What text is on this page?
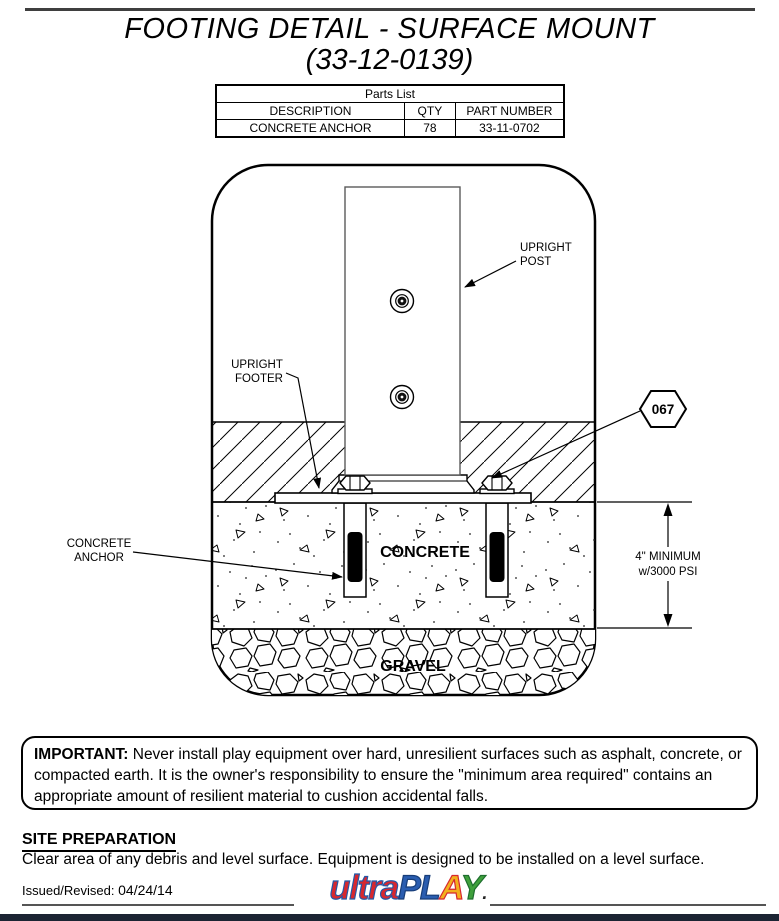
FOOTING DETAIL - SURFACE MOUNT
(33-12-0139)
Parts List		
DESCRIPTION	QTY	PART NUMBER
CONCRETE ANCHOR	78	33-11-0702
067
4" MINIMUM
w/3000 PSI
UPRIGHT
POST
UPRIGHT
FOOTER
CONCRETE
ANCHOR	CONCRETE
GRAVEL
IMPORTANT: Never install play equipment over hard, unresilient surfaces such as asphalt, concrete, or compacted earth. It is the owner's responsibility to ensure the "minimum area required" contains an appropriate amount of resilient material to cushion accidental falls.
SITE PREPARATION
Clear area of any debris and level surface. Equipment is designed to be installed on a level surface.
Issued/Revised: 04/24/14	ultraPLAY.
